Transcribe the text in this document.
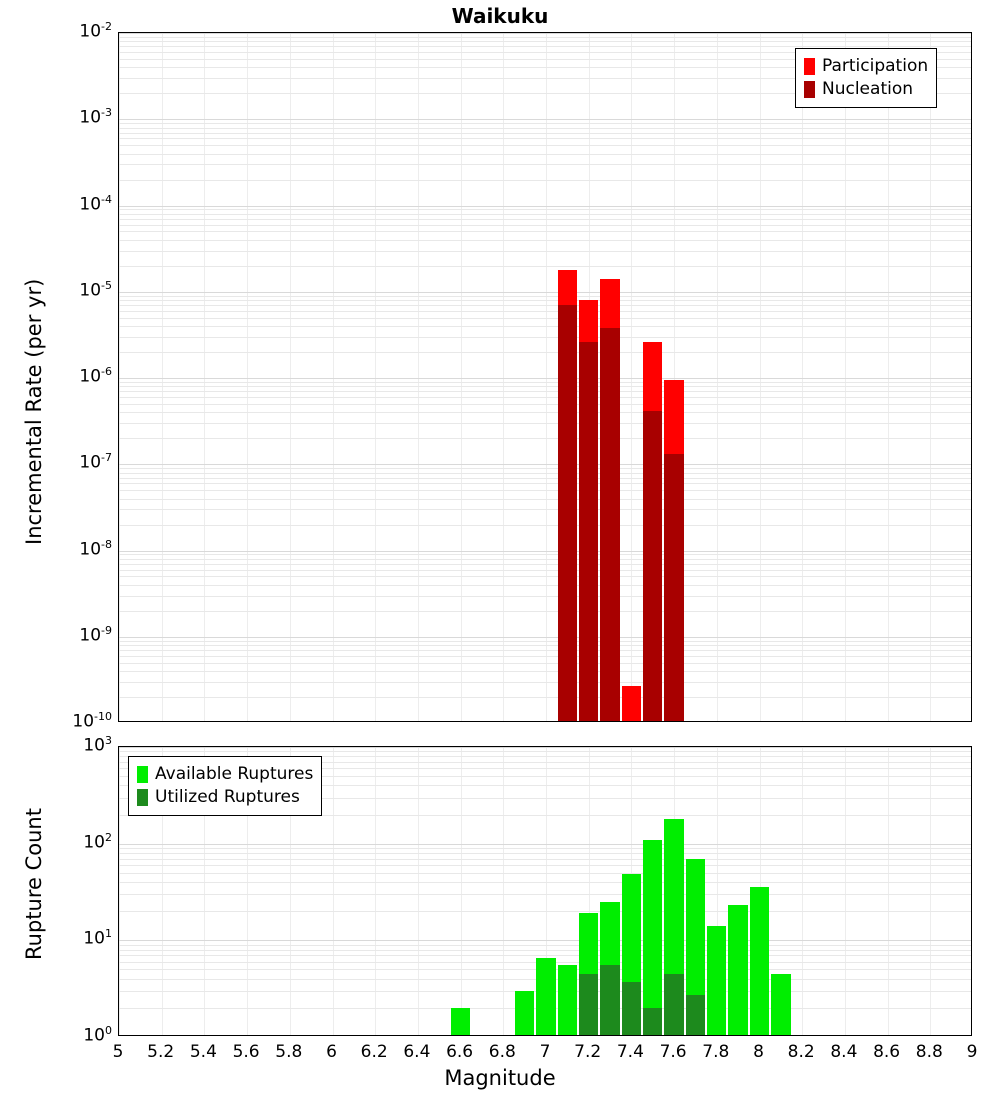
Waikuku
$10^{-2}$
$10^{-3}$
$10^{-4}$
$10^{-5}$
$10^{-6}$
$10^{-7}$
$10^{-8}$
$10^{-9}$
$10^{-10}$
Incremental Rate (per yr)
Participation
Nucleation
$10^3$
$10^2$
$10^1$
$10^0$
Rupture Count
Available Ruptures
Utilized Ruptures
5	5.2 5.4 5.6 5.8	6	6.2 6.4 6.6 6.8	7	7.2 7.4 7.6 7.8	8	8.2 8.4 8.6 8.8	9
Magnitude
